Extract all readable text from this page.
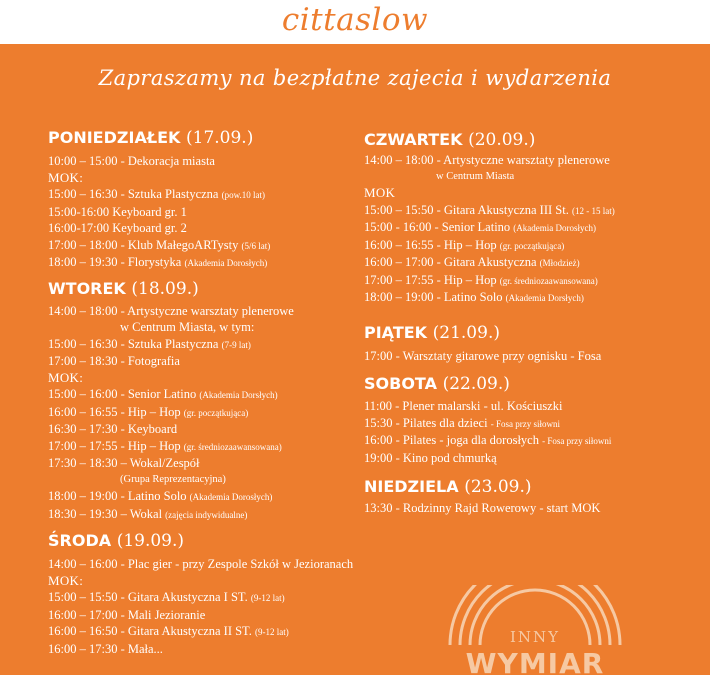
cittaslow
Zapraszamy na bezpłatne zajecia i wydarzenia
PONIEDZIAŁEK (17.09.)
10:00 – 15:00 - Dekoracja miasta
MOK:
15:00 – 16:30 - Sztuka Plastyczna (pow.10 lat)
15:00-16:00 Keyboard gr. 1
16:00-17:00 Keyboard gr. 2
17:00 – 18:00 - Klub MałegoARTysty (5/6 lat)
18:00 – 19:30 - Florystyka (Akademia Dorosłych)
WTOREK (18.09.)
14:00 – 18:00 - Artystyczne warsztaty plenerowe
w Centrum Miasta, w tym:
15:00 – 16:30 - Sztuka Plastyczna (7-9 lat)
17:00 – 18:30 - Fotografia
MOK:
15:00 – 16:00 - Senior Latino (Akademia Dorsłych)
16:00 – 16:55 - Hip – Hop (gr. początkująca)
16:30 – 17:30 - Keyboard
17:00 – 17:55 - Hip – Hop (gr. średniozaawansowana)
17:30 – 18:30 – Wokal/Zespół
(Grupa Reprezentacyjna)
18:00 – 19:00 - Latino Solo (Akademia Dorosłych)
18:30 – 19:30 – Wokal (zajęcia indywidualne)
ŚRODA (19.09.)
14:00 – 16:00 - Plac gier - przy Zespole Szkół w Jezioranach
MOK:
15:00 – 15:50 - Gitara Akustyczna I ST. (9-12 lat)
16:00 – 17:00 - Mali Jezioranie
16:00 – 16:50 - Gitara Akustyczna II ST. (9-12 lat)
16:00 – 17:30 - Mała...
CZWARTEK (20.09.)
14:00 – 18:00 - Artystyczne warsztaty plenerowe
w Centrum Miasta
MOK
15:00 – 15:50 - Gitara Akustyczna III St. (12 - 15 lat)
15:00 - 16:00 - Senior Latino (Akademia Dorosłych)
16:00 – 16:55 - Hip – Hop (gr. początkująca)
16:00 – 17:00 - Gitara Akustyczna (Młodzież)
17:00 – 17:55 - Hip – Hop (gr. średniozaawansowana)
18:00 – 19:00 - Latino Solo (Akademia Dorsłych)
PIĄTEK (21.09.)
17:00 - Warsztaty gitarowe przy ognisku - Fosa
SOBOTA (22.09.)
11:00 - Plener malarski - ul. Kościuszki
15:30 - Pilates dla dzieci - Fosa przy siłowni
16:00 - Pilates - joga dla dorosłych - Fosa przy siłowni
19:00 - Kino pod chmurką
NIEDZIELA (23.09.)
13:30 - Rodzinny Rajd Rowerowy - start MOK
INNY
WYMIAR
